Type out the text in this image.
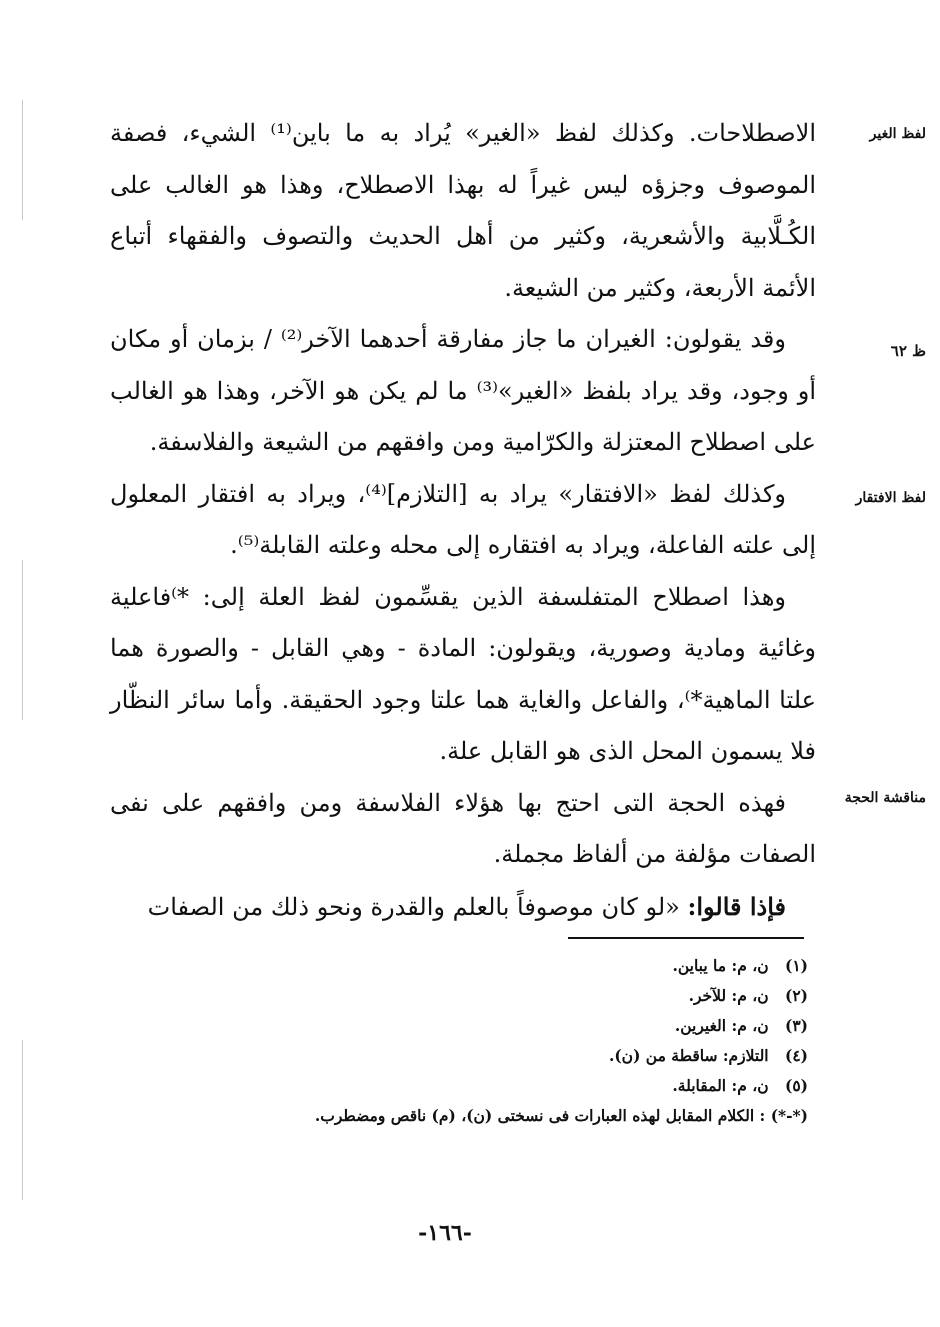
لفظ الغير
ظ ٦٢
لفظ الافتقار
مناقشة الحجة

الاصطلاحات. وكذلك لفظ «الغير» يُراد به ما باين⁽¹⁾ الشيء، فصفة الموصوف وجزؤه ليس غيراً له بهذا الاصطلاح، وهذا هو الغالب على الكُـلَّابية والأشعرية، وكثير من أهل الحديث والتصوف والفقهاء أتباع الأئمة الأربعة، وكثير من الشيعة.

وقد يقولون: الغيران ما جاز مفارقة أحدهما الآخر⁽²⁾ / بزمان أو مكان أو وجود، وقد يراد بلفظ «الغير»⁽³⁾ ما لم يكن هو الآخر، وهذا هو الغالب على اصطلاح المعتزلة والكرّامية ومن وافقهم من الشيعة والفلاسفة.

وكذلك لفظ «الافتقار» يراد به [التلازم]⁽⁴⁾، ويراد به افتقار المعلول إلى علته الفاعلة، ويراد به افتقاره إلى محله وعلته القابلة⁽⁵⁾.

وهذا اصطلاح المتفلسفة الذين يقسِّمون لفظ العلة إلى: *⁾فاعلية وغائية ومادية وصورية، ويقولون: المادة - وهي القابل - والصورة هما علتا الماهية*⁾، والفاعل والغاية هما علتا وجود الحقيقة. وأما سائر النظّار فلا يسمون المحل الذى هو القابل علة.

فهذه الحجة التى احتج بها هؤلاء الفلاسفة ومن وافقهم على نفى الصفات مؤلفة من ألفاظ مجملة.

فإذا قالوا: «لو كان موصوفاً بالعلم والقدرة ونحو ذلك من الصفات

(١) ن، م: ما يباين.
(٢) ن، م: للآخر.
(٣) ن، م: الغيرين.
(٤) التلازم: ساقطة من (ن).
(٥) ن، م: المقابلة.
(*-*) : الكلام المقابل لهذه العبارات فى نسختى (ن)، (م) ناقص ومضطرب.
-١٦٦-
